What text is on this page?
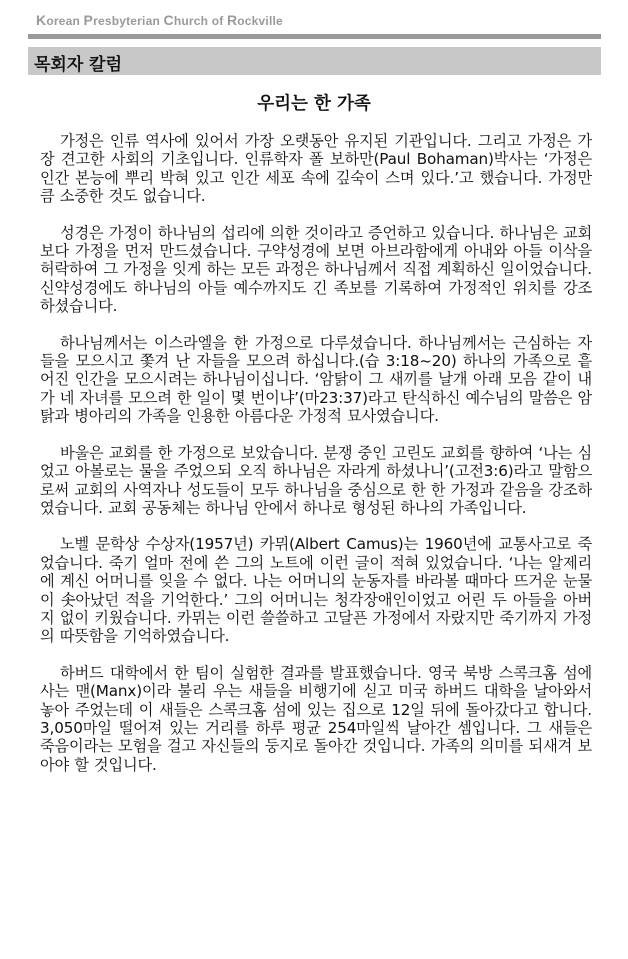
Korean Presbyterian Church of Rockville
목회자 칼럼
우리는 한 가족

가정은 인류 역사에 있어서 가장 오랫동안 유지된 기관입니다. 그리고 가정은 가장 견고한 사회의 기초입니다. 인류학자 폴 보하만(Paul Bohaman)박사는 ‘가정은 인간 본능에 뿌리 박혀 있고 인간 세포 속에 깊숙이 스며 있다.’고 했습니다. 가정만큼 소중한 것도 없습니다.

성경은 가정이 하나님의 섭리에 의한 것이라고 증언하고 있습니다. 하나님은 교회보다 가정을 먼저 만드셨습니다. 구약성경에 보면 아브라함에게 아내와 아들 이삭을 허락하여 그 가정을 잇게 하는 모든 과정은 하나님께서 직접 계획하신 일이었습니다. 신약성경에도 하나님의 아들 예수까지도 긴 족보를 기록하여 가정적인 위치를 강조하셨습니다.

하나님께서는 이스라엘을 한 가정으로 다루셨습니다. 하나님께서는 근심하는 자들을 모으시고 쫓겨 난 자들을 모으려 하십니다.(습 3:18~20) 하나의 가족으로 흩어진 인간을 모으시려는 하나님이십니다. ‘암탉이 그 새끼를 날개 아래 모음 같이 내가 네 자녀를 모으려 한 일이 몇 번이냐’(마23:37)라고 탄식하신 예수님의 말씀은 암탉과 병아리의 가족을 인용한 아름다운 가정적 묘사였습니다.

바울은 교회를 한 가정으로 보았습니다. 분쟁 중인 고린도 교회를 향하여 ‘나는 심었고 아볼로는 물을 주었으되 오직 하나님은 자라게 하셨나니’(고전3:6)라고 말함으로써 교회의 사역자나 성도들이 모두 하나님을 중심으로 한 한 가정과 같음을 강조하였습니다. 교회 공동체는 하나님 안에서 하나로 형성된 하나의 가족입니다.

노벨 문학상 수상자(1957년) 카뮈(Albert Camus)는 1960년에 교통사고로 죽었습니다. 죽기 얼마 전에 쓴 그의 노트에 이런 글이 적혀 있었습니다. ‘나는 알제리에 계신 어머니를 잊을 수 없다. 나는 어머니의 눈동자를 바라볼 때마다 뜨거운 눈물이 솟아났던 적을 기억한다.’ 그의 어머니는 청각장애인이었고 어린 두 아들을 아버지 없이 키웠습니다. 카뮈는 이런 쓸쓸하고 고달픈 가정에서 자랐지만 죽기까지 가정의 따뜻함을 기억하였습니다.

하버드 대학에서 한 팀이 실험한 결과를 발표했습니다. 영국 북방 스콕크홈 섬에 사는 맨(Manx)이라 불리 우는 새들을 비행기에 싣고 미국 하버드 대학을 날아와서 놓아 주었는데 이 새들은 스콕크홈 섬에 있는 집으로 12일 뒤에 돌아갔다고 합니다. 3,050마일 떨어져 있는 거리를 하루 평균 254마일씩 날아간 셈입니다. 그 새들은 죽음이라는 모험을 걸고 자신들의 둥지로 돌아간 것입니다. 가족의 의미를 되새겨 보아야 할 것입니다.
